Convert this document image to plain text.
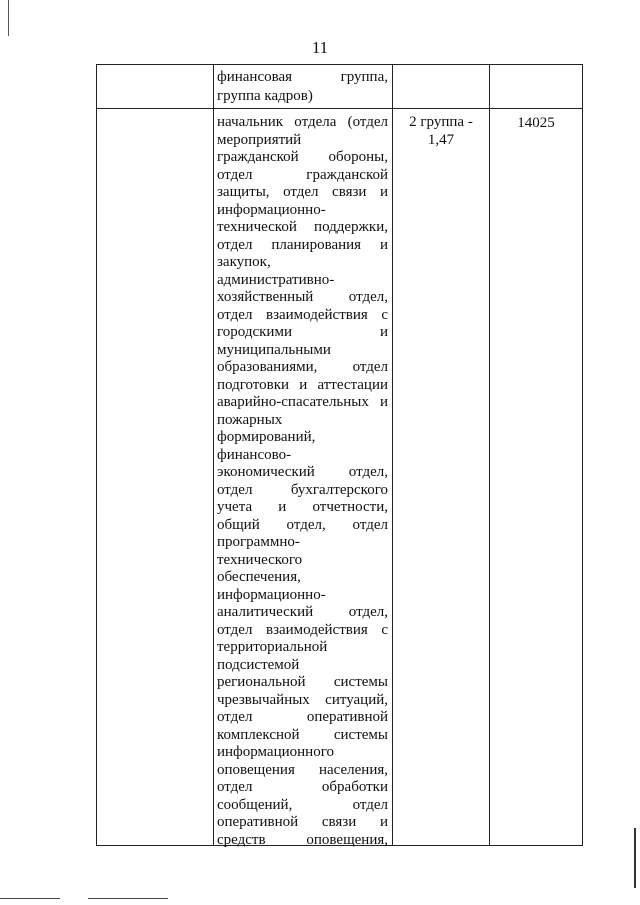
11
финансовая группа,
группа кадров)
начальник отдела (отдел
мероприятий
гражданской обороны,
отдел гражданской
защиты, отдел связи и
информационно-
технической поддержки,
отдел планирования и
закупок,
административно-
хозяйственный отдел,
отдел взаимодействия с
городскими и
муниципальными
образованиями, отдел
подготовки и аттестации
аварийно-спасательных и
пожарных
формирований,
финансово-
экономический отдел,
отдел бухгалтерского
учета и отчетности,
общий отдел, отдел
программно-
технического
обеспечения,
информационно-
аналитический отдел,
отдел взаимодействия с
территориальной
подсистемой
региональной системы
чрезвычайных ситуаций,
отдел оперативной
комплексной системы
информационного
оповещения населения,
отдел обработки
сообщений, отдел
оперативной связи и
средств оповещения,
2 группа -
1,47
14025
